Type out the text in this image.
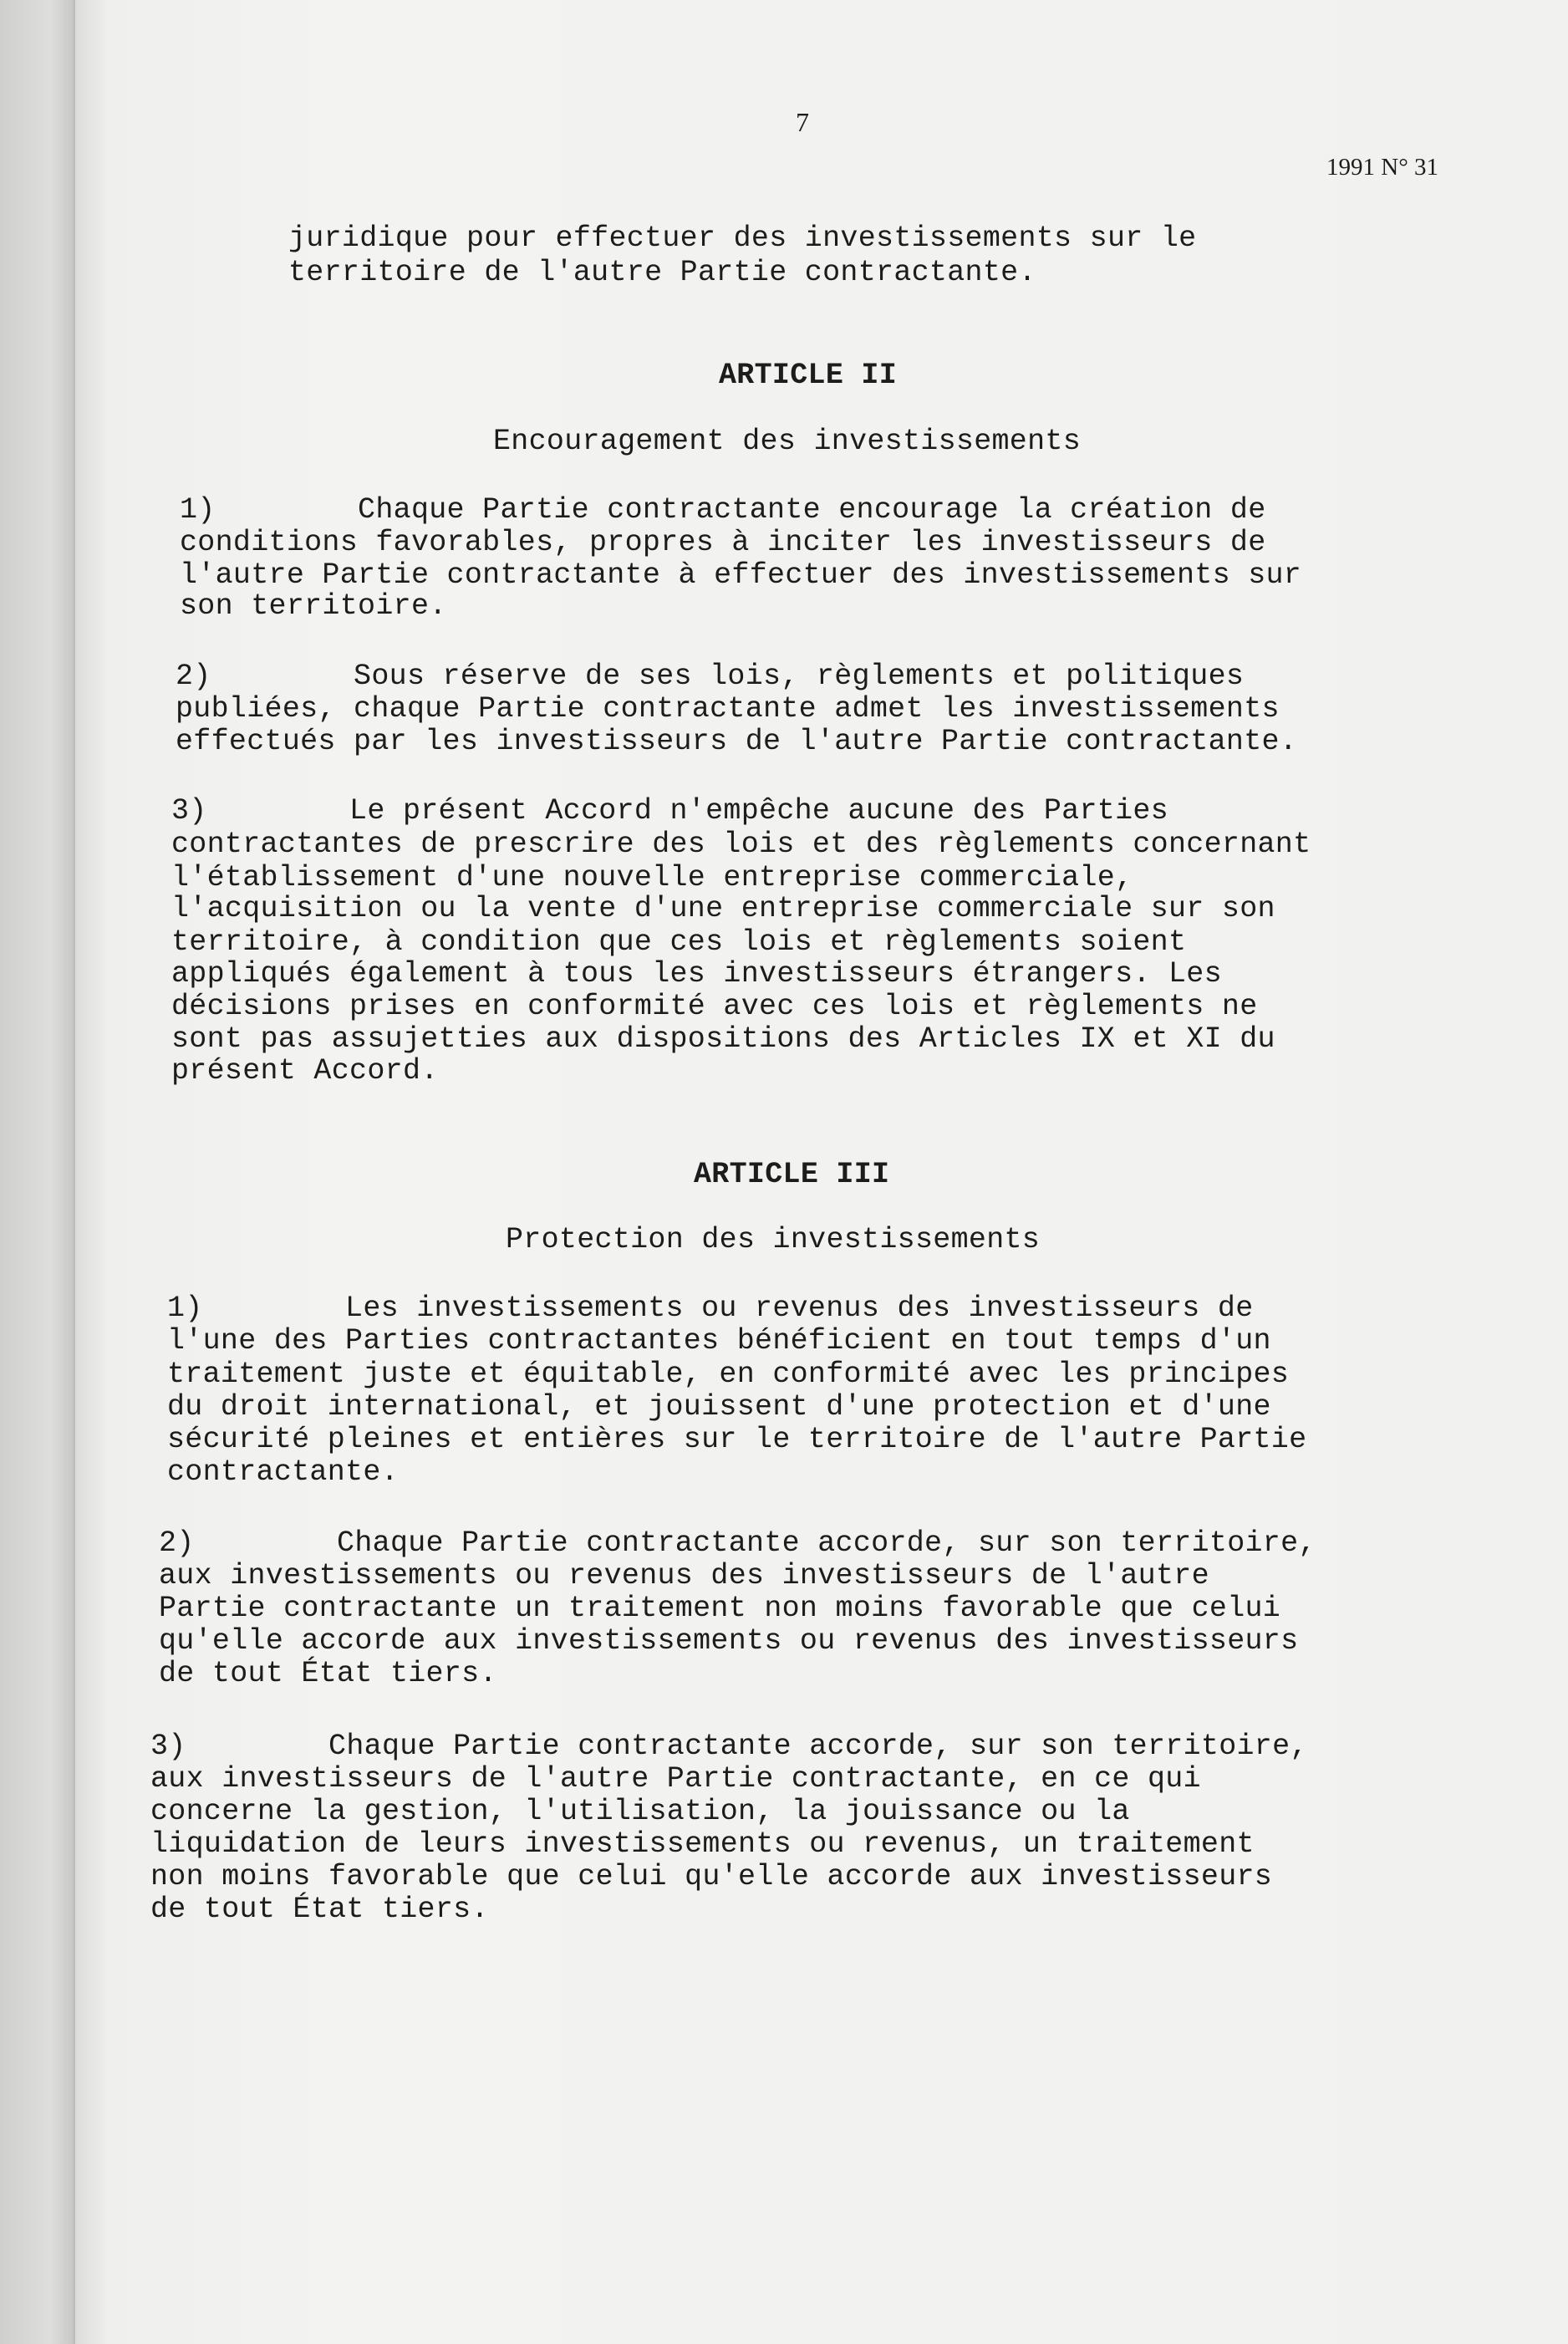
7
1991 N° 31
juridique pour effectuer des investissements sur le
territoire de l'autre Partie contractante.
ARTICLE II
Encouragement des investissements
1)        Chaque Partie contractante encourage la création de
conditions favorables, propres à inciter les investisseurs de
l'autre Partie contractante à effectuer des investissements sur
son territoire.
2)        Sous réserve de ses lois, règlements et politiques
publiées, chaque Partie contractante admet les investissements
effectués par les investisseurs de l'autre Partie contractante.
3)        Le présent Accord n'empêche aucune des Parties
contractantes de prescrire des lois et des règlements concernant
l'établissement d'une nouvelle entreprise commerciale,
l'acquisition ou la vente d'une entreprise commerciale sur son
territoire, à condition que ces lois et règlements soient
appliqués également à tous les investisseurs étrangers. Les
décisions prises en conformité avec ces lois et règlements ne
sont pas assujetties aux dispositions des Articles IX et XI du
présent Accord.
ARTICLE III
Protection des investissements
1)        Les investissements ou revenus des investisseurs de
l'une des Parties contractantes bénéficient en tout temps d'un
traitement juste et équitable, en conformité avec les principes
du droit international, et jouissent d'une protection et d'une
sécurité pleines et entières sur le territoire de l'autre Partie
contractante.
2)        Chaque Partie contractante accorde, sur son territoire,
aux investissements ou revenus des investisseurs de l'autre
Partie contractante un traitement non moins favorable que celui
qu'elle accorde aux investissements ou revenus des investisseurs
de tout État tiers.
3)        Chaque Partie contractante accorde, sur son territoire,
aux investisseurs de l'autre Partie contractante, en ce qui
concerne la gestion, l'utilisation, la jouissance ou la
liquidation de leurs investissements ou revenus, un traitement
non moins favorable que celui qu'elle accorde aux investisseurs
de tout État tiers.
